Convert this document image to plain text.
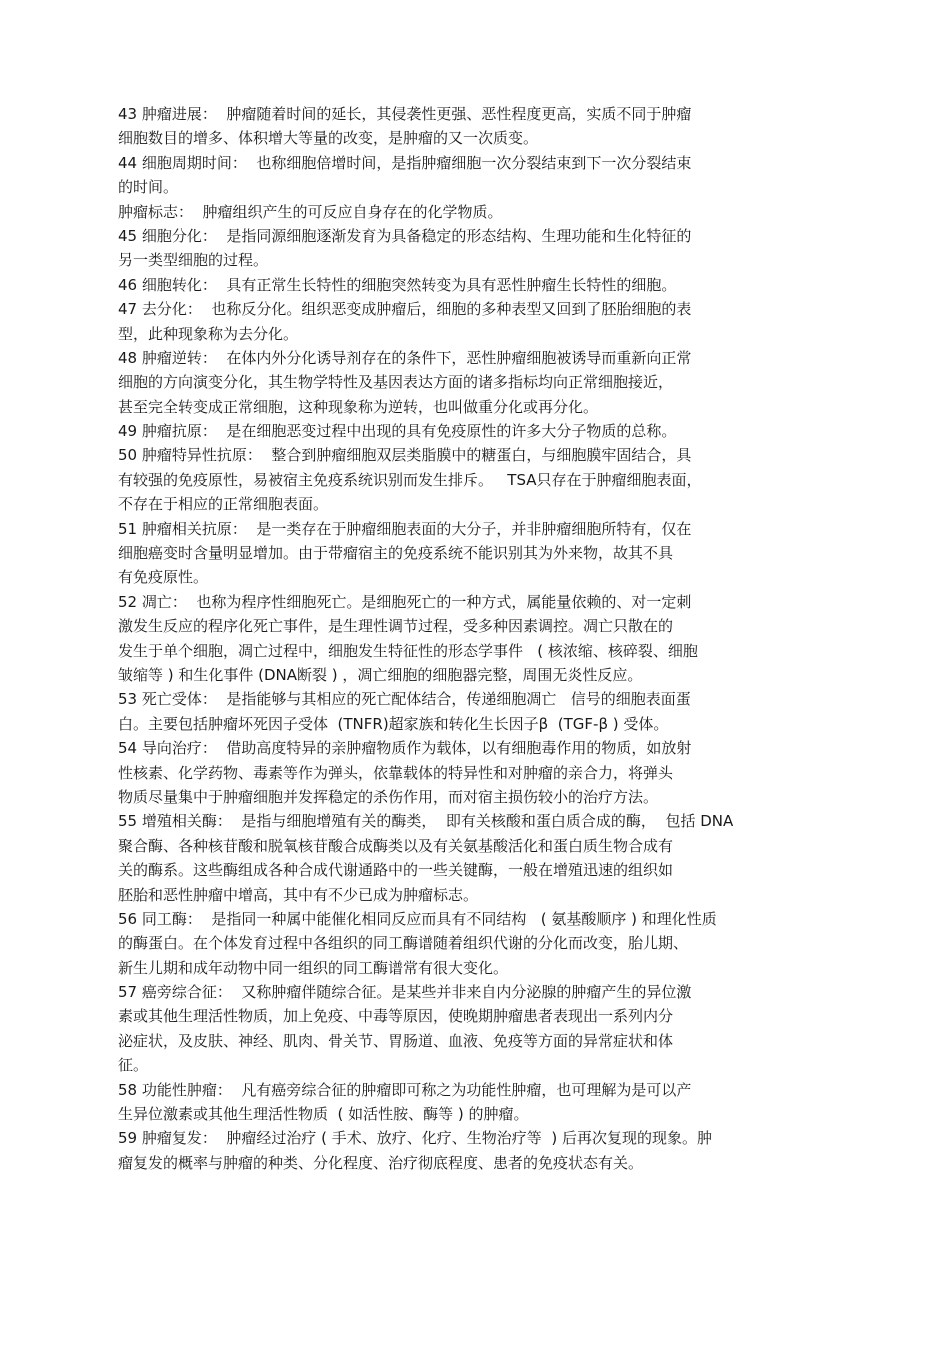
43 肿瘤进展：  肿瘤随着时间的延长，其侵袭性更强、恶性程度更高，实质不同于肿瘤
细胞数目的增多、体积增大等量的改变，是肿瘤的又一次质变。
44 细胞周期时间：  也称细胞倍增时间，是指肿瘤细胞一次分裂结束到下一次分裂结束
的时间。
肿瘤标志：  肿瘤组织产生的可反应自身存在的化学物质。
45 细胞分化：  是指同源细胞逐渐发育为具备稳定的形态结构、生理功能和生化特征的
另一类型细胞的过程。
46 细胞转化：  具有正常生长特性的细胞突然转变为具有恶性肿瘤生长特性的细胞。
47 去分化：  也称反分化。组织恶变成肿瘤后，细胞的多种表型又回到了胚胎细胞的表
型，此种现象称为去分化。
48 肿瘤逆转：  在体内外分化诱导剂存在的条件下，恶性肿瘤细胞被诱导而重新向正常
细胞的方向演变分化，其生物学特性及基因表达方面的诸多指标均向正常细胞接近，
甚至完全转变成正常细胞，这种现象称为逆转，也叫做重分化或再分化。
49 肿瘤抗原：  是在细胞恶变过程中出现的具有免疫原性的许多大分子物质的总称。
50 肿瘤特异性抗原：  整合到肿瘤细胞双层类脂膜中的糖蛋白，与细胞膜牢固结合，具
有较强的免疫原性，易被宿主免疫系统识别而发生排斥。   TSA只存在于肿瘤细胞表面，
不存在于相应的正常细胞表面。
51 肿瘤相关抗原：  是一类存在于肿瘤细胞表面的大分子，并非肿瘤细胞所特有，仅在
细胞癌变时含量明显增加。由于带瘤宿主的免疫系统不能识别其为外来物，故其不具
有免疫原性。
52 凋亡：  也称为程序性细胞死亡。是细胞死亡的一种方式，属能量依赖的、对一定刺
激发生反应的程序化死亡事件，是生理性调节过程，受多种因素调控。凋亡只散在的
发生于单个细胞，凋亡过程中，细胞发生特征性的形态学事件   ( 核浓缩、核碎裂、细胞
皱缩等 ) 和生化事件 (DNA断裂 ) ，凋亡细胞的细胞器完整，周围无炎性反应。
53 死亡受体：  是指能够与其相应的死亡配体结合，传递细胞凋亡   信号的细胞表面蛋
白。主要包括肿瘤坏死因子受体  (TNFR)超家族和转化生长因子β  (TGF-β ) 受体。
54 导向治疗：  借助高度特异的亲肿瘤物质作为载体，以有细胞毒作用的物质，如放射
性核素、化学药物、毒素等作为弹头，依靠载体的特异性和对肿瘤的亲合力，将弹头
物质尽量集中于肿瘤细胞并发挥稳定的杀伤作用，而对宿主损伤较小的治疗方法。
55 增殖相关酶：  是指与细胞增殖有关的酶类，  即有关核酸和蛋白质合成的酶，  包括 DNA
聚合酶、各种核苷酸和脱氧核苷酸合成酶类以及有关氨基酸活化和蛋白质生物合成有
关的酶系。这些酶组成各种合成代谢通路中的一些关键酶，一般在增殖迅速的组织如
胚胎和恶性肿瘤中增高，其中有不少已成为肿瘤标志。
56 同工酶：  是指同一种属中能催化相同反应而具有不同结构   ( 氨基酸顺序 ) 和理化性质
的酶蛋白。在个体发育过程中各组织的同工酶谱随着组织代谢的分化而改变，胎儿期、
新生儿期和成年动物中同一组织的同工酶谱常有很大变化。
57 癌旁综合征：  又称肿瘤伴随综合征。是某些并非来自内分泌腺的肿瘤产生的异位激
素或其他生理活性物质，加上免疫、中毒等原因，使晚期肿瘤患者表现出一系列内分
泌症状，及皮肤、神经、肌肉、骨关节、胃肠道、血液、免疫等方面的异常症状和体
征。
58 功能性肿瘤：  凡有癌旁综合征的肿瘤即可称之为功能性肿瘤，也可理解为是可以产
生异位激素或其他生理活性物质  ( 如活性胺、酶等 ) 的肿瘤。
59 肿瘤复发：  肿瘤经过治疗 ( 手术、放疗、化疗、生物治疗等  ) 后再次复现的现象。肿
瘤复发的概率与肿瘤的种类、分化程度、治疗彻底程度、患者的免疫状态有关。
